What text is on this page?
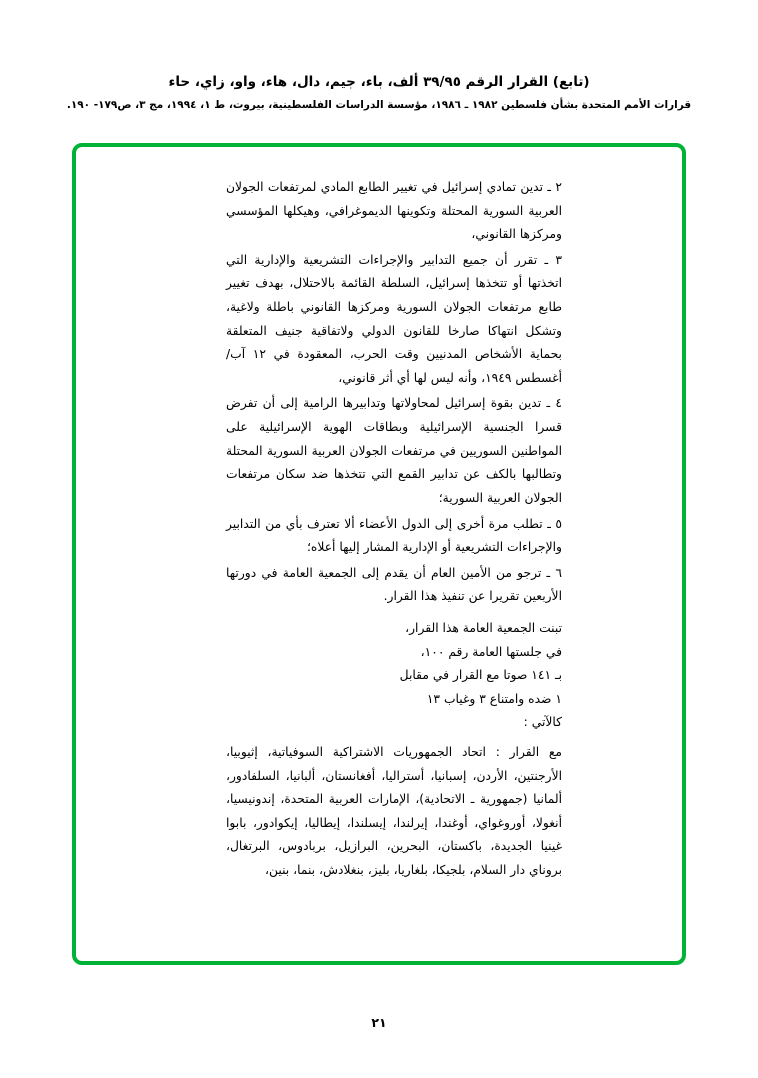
(تابع) القرار الرقم ٣٩/٩٥ ألف، باء، جيم، دال، هاء، واو، زاي، حاء
قرارات الأمم المتحدة بشأن فلسطين ١٩٨٢ ـ ١٩٨٦، مؤسسة الدراسات الفلسطينية، بيروت، ط ١، ١٩٩٤، مج ٣، ص١٧٩- ١٩٠.

٢ ـ تدين تمادي إسرائيل في تغيير الطابع المادي لمرتفعات الجولان العربية السورية المحتلة وتكوينها الديموغرافي، وهيكلها المؤسسي ومركزها القانوني،

٣ ـ تقرر أن جميع التدابير والإجراءات التشريعية والإدارية التي اتخذتها أو تتخذها إسرائيل، السلطة القائمة بالاحتلال، بهدف تغيير طابع مرتفعات الجولان السورية ومركزها القانوني باطلة ولاغية، وتشكل انتهاكا صارخا للقانون الدولي ولاتفاقية جنيف المتعلقة بحماية الأشخاص المدنيين وقت الحرب، المعقودة في ١٢ آب/ أغسطس ١٩٤٩، وأنه ليس لها أي أثر قانوني،

٤ ـ تدين بقوة إسرائيل لمحاولاتها وتدابيرها الرامية إلى أن تفرض قسرا الجنسية الإسرائيلية وبطاقات الهوية الإسرائيلية على المواطنين السوريين في مرتفعات الجولان العربية السورية المحتلة وتطالبها بالكف عن تدابير القمع التي تتخذها ضد سكان مرتفعات الجولان العربية السورية؛

٥ ـ تطلب مرة أخرى إلى الدول الأعضاء ألا تعترف بأي من التدابير والإجراءات التشريعية أو الإدارية المشار إليها أعلاه؛

٦ ـ ترجو من الأمين العام أن يقدم إلى الجمعية العامة في دورتها الأربعين تقريرا عن تنفيذ هذا القرار.

تبنت الجمعية العامة هذا القرار،

في جلستها العامة رقم ١٠٠،

بـ ١٤١ صوتا مع القرار في مقابل

١ ضده وامتناع ٣ وغياب ١٣

كالآتي :

مع القرار : اتحاد الجمهوريات الاشتراكية السوفياتية، إثيوبيا، الأرجنتين، الأردن، إسبانيا، أستراليا، أفغانستان، ألبانيا، السلفادور، ألمانيا (جمهورية ـ الاتحادية)، الإمارات العربية المتحدة، إندونيسيا، أنغولا، أوروغواي، أوغندا، إيرلندا، إيسلندا، إيطاليا، إيكوادور، بابوا غينيا الجديدة، باكستان، البحرين، البرازيل، بربادوس، البرتغال، بروناي دار السلام، بلجيكا، بلغاريا، بليز، بنغلادش، بنما، بنين،
٢١
